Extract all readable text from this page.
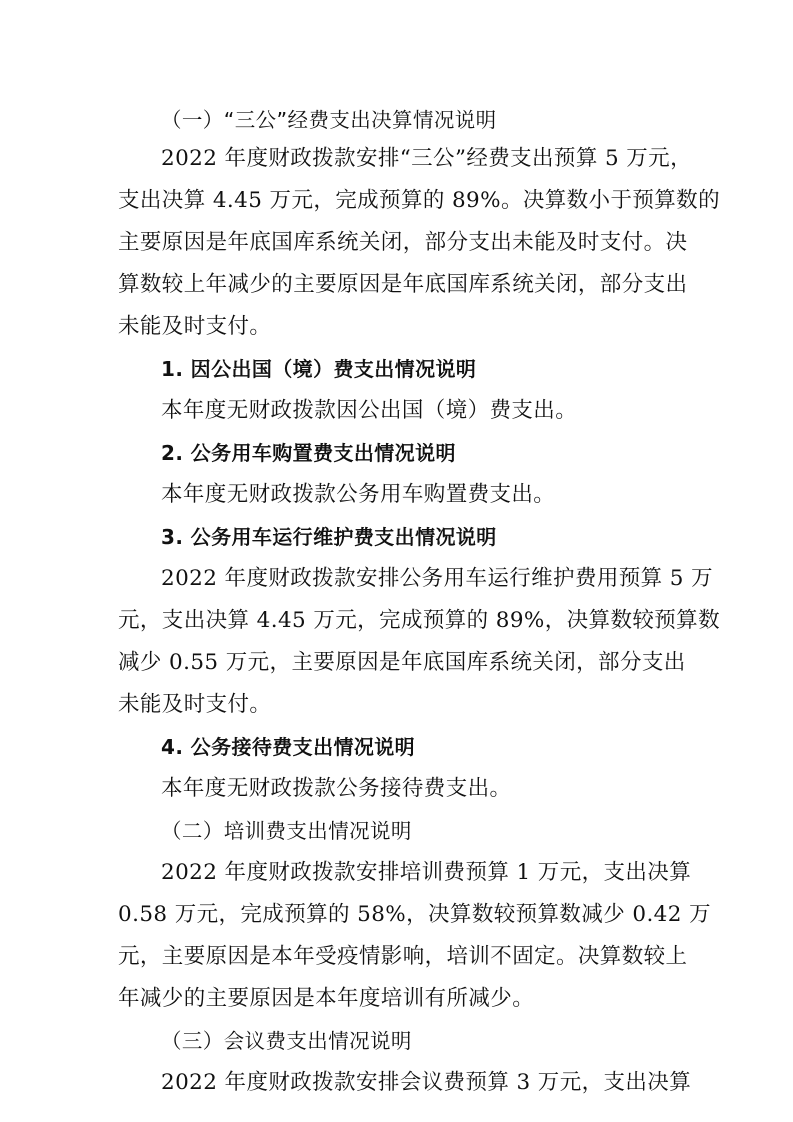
（一）“三公”经费支出决算情况说明

2022 年度财政拨款安排“三公”经费支出预算 5 万元，

支出决算 4.45 万元，完成预算的 89%。决算数小于预算数的

主要原因是年底国库系统关闭，部分支出未能及时支付。决

算数较上年减少的主要原因是年底国库系统关闭，部分支出

未能及时支付。

1. 因公出国（境）费支出情况说明

本年度无财政拨款因公出国（境）费支出。

2. 公务用车购置费支出情况说明

本年度无财政拨款公务用车购置费支出。

3. 公务用车运行维护费支出情况说明

2022 年度财政拨款安排公务用车运行维护费用预算 5 万

元，支出决算 4.45 万元，完成预算的 89%，决算数较预算数

减少 0.55 万元，主要原因是年底国库系统关闭，部分支出

未能及时支付。

4. 公务接待费支出情况说明

本年度无财政拨款公务接待费支出。

（二）培训费支出情况说明

2022 年度财政拨款安排培训费预算 1 万元，支出决算

0.58 万元，完成预算的 58%，决算数较预算数减少 0.42 万

元，主要原因是本年受疫情影响，培训不固定。决算数较上

年减少的主要原因是本年度培训有所减少。

（三）会议费支出情况说明

2022 年度财政拨款安排会议费预算 3 万元，支出决算
